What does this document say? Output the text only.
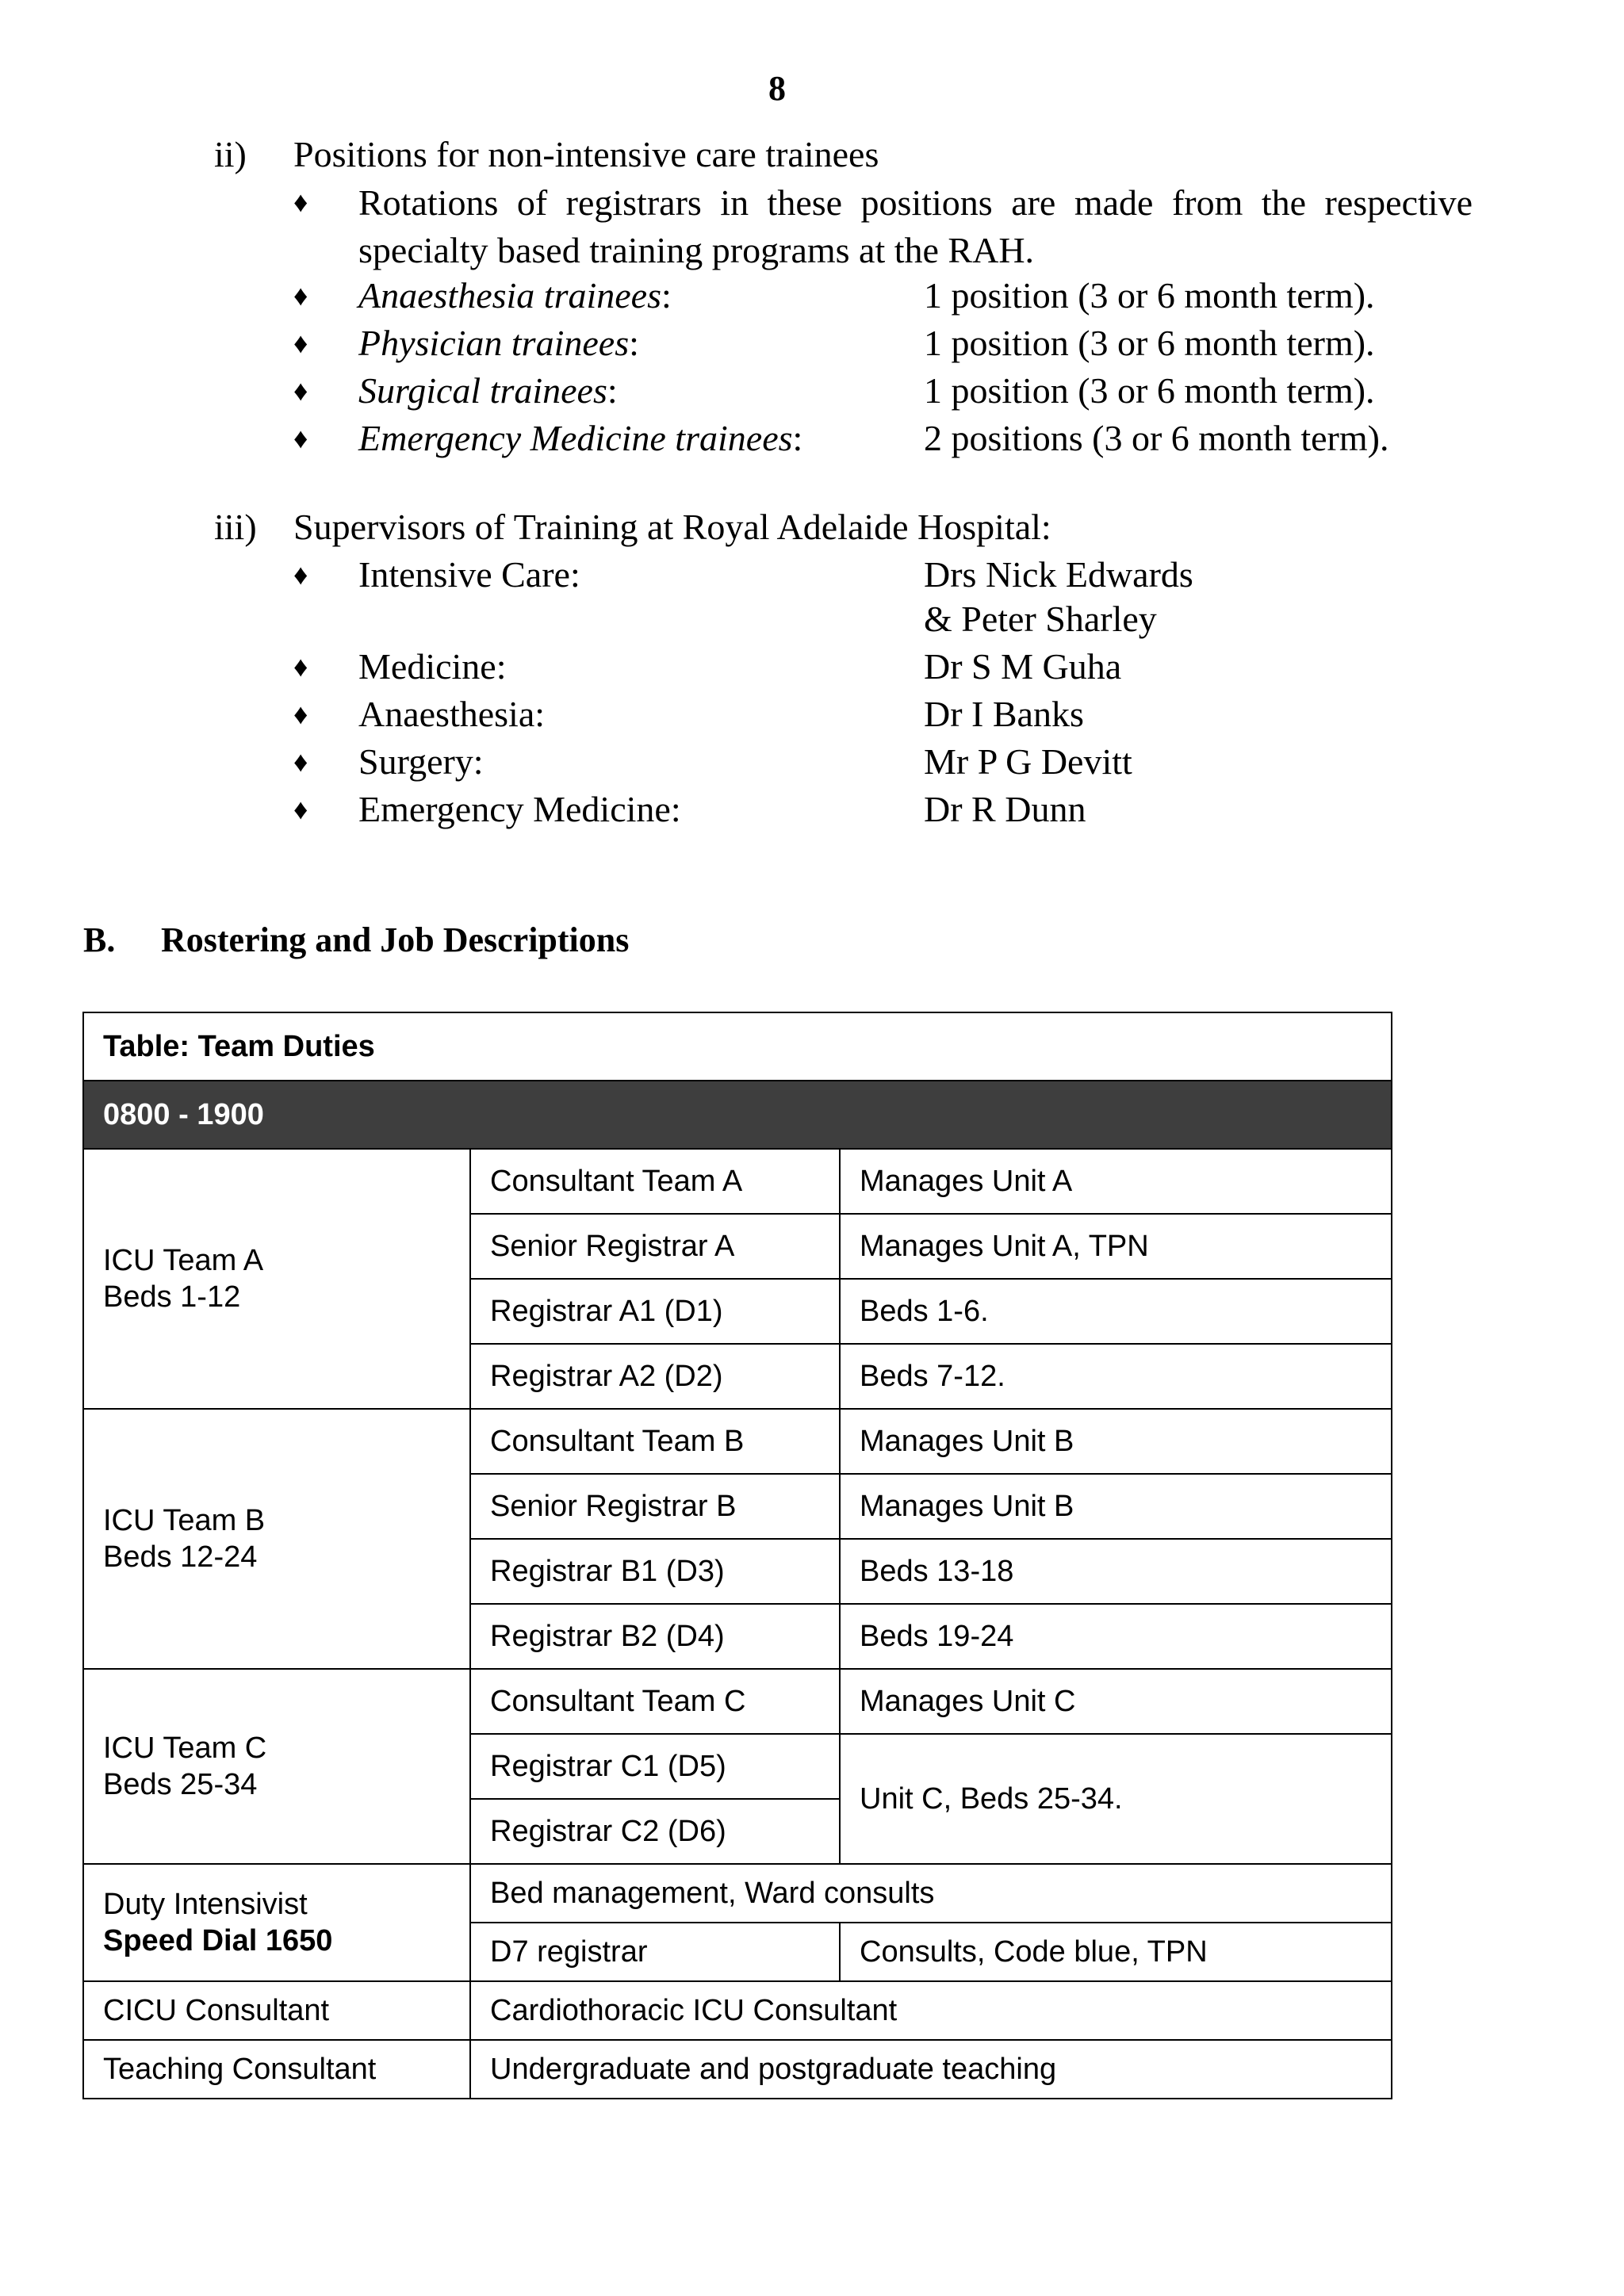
8
ii)	Positions for non-intensive care trainees
♦ Rotations of registrars in these positions are made from the respective specialty based training programs at the RAH.
♦ Anaesthesia trainees:	1 position (3 or 6 month term).
♦ Physician trainees:	1 position (3 or 6 month term).
♦ Surgical trainees:	1 position (3 or 6 month term).
♦ Emergency Medicine trainees:	2 positions (3 or 6 month term).
iii)	Supervisors of Training at Royal Adelaide Hospital:
♦ Intensive Care:	Drs Nick Edwards
& Peter Sharley
♦ Medicine:	Dr S M Guha
♦ Anaesthesia:	Dr I Banks
♦ Surgery:	Mr P G Devitt
♦ Emergency Medicine:	Dr R Dunn
B. Rostering and Job Descriptions
Table: Team Duties		
0800 - 1900		

ICU Team A
Beds 1-12	Consultant Team A	Manages Unit A
	Senior Registrar A	Manages Unit A, TPN
	Registrar A1 (D1)	Beds 1-6.
	Registrar A2 (D2)	Beds 7-12.

ICU Team B
Beds 12-24	Consultant Team B	Manages Unit B
	Senior Registrar B	Manages Unit B
	Registrar B1 (D3)	Beds 13-18
	Registrar B2 (D4)	Beds 19-24

ICU Team C
Beds 25-34	Consultant Team C	Manages Unit C
	Registrar C1 (D5)	Unit C, Beds 25-34.
	Registrar C2 (D6)	

Duty Intensivist
Speed Dial 1650	Bed management, Ward consults	
	D7 registrar	Consults, Code blue, TPN
CICU Consultant	Cardiothoracic ICU Consultant	
Teaching Consultant	Undergraduate and postgraduate teaching	
